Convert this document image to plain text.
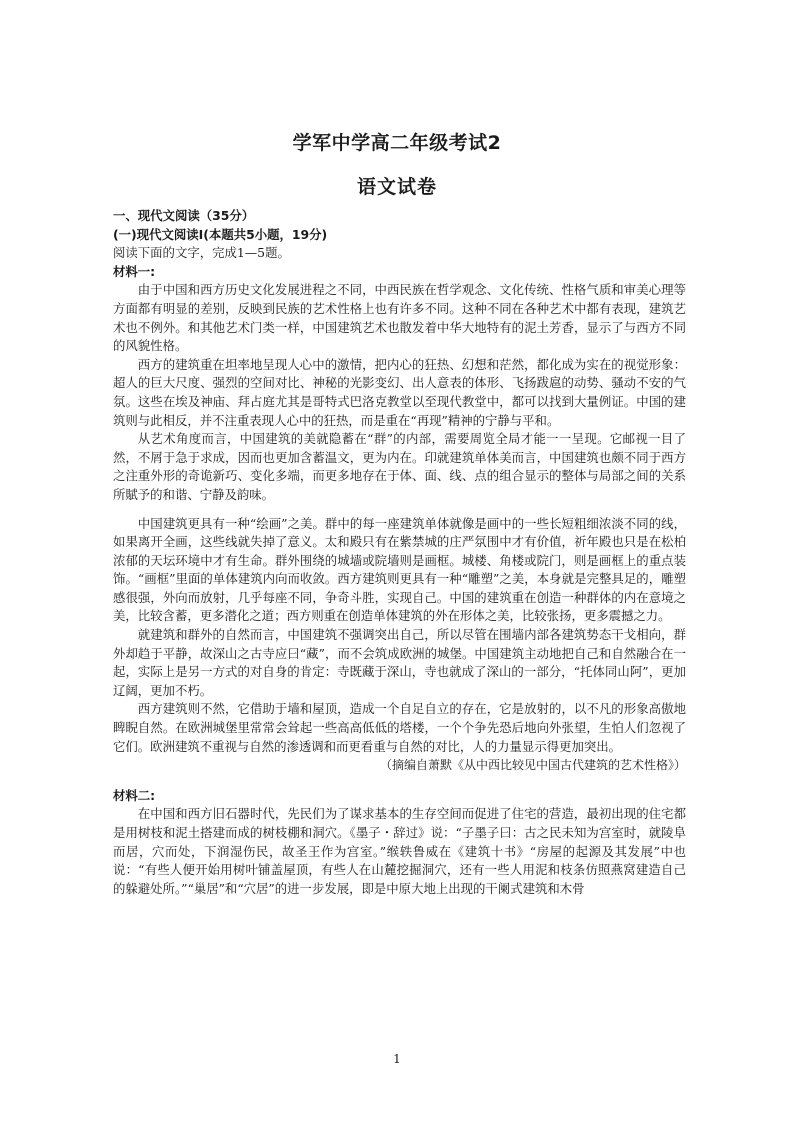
学军中学高二年级考试2
语文试卷

一、现代文阅读（35分）

(一)现代文阅读Ⅰ(本题共5小题，19分)

阅读下面的文字，完成1—5题。

材料一:

由于中国和西方历史文化发展进程之不同，中西民族在哲学观念、文化传统、性格气质和审美心理等方面都有明显的差别，反映到民族的艺术性格上也有许多不同。这种不同在各种艺术中都有表现，建筑艺术也不例外。和其他艺术门类一样，中国建筑艺术也散发着中华大地特有的泥土芳香，显示了与西方不同的风貌性格。

西方的建筑重在坦率地呈现人心中的激情，把内心的狂热、幻想和茫然，都化成为实在的视觉形象：超人的巨大尺度、强烈的空间对比、神秘的光影变幻、出人意表的体形、飞扬跋扈的动势、骚动不安的气氛。这些在埃及神庙、拜占庭尤其是哥特式巴洛克教堂以至现代教堂中，都可以找到大量例证。中国的建筑则与此相反，并不注重表现人心中的狂热，而是重在“再现”精神的宁静与平和。

从艺术角度而言，中国建筑的美就隐蓄在“群”的内部，需要周览全局才能一一呈现。它邮视一目了然，不屑于急于求成，因而也更加含蓄温文，更为内在。印就建筑单体美而言，中国建筑也颇不同于西方之注重外形的奇诡新巧、变化多端，而更多地存在于体、面、线、点的组合显示的整体与局部之间的关系所賦予的和谐、宁静及韵味。

中国建筑更具有一种“绘画”之美。群中的每一座建筑单体就像是画中的一些长短粗细浓淡不同的线，如果离开全画，这些线就失掉了意义。太和殿只有在紫禁城的庄严氛围中才有价值，祈年殿也只是在松柏浓郁的天坛环境中才有生命。群外围绕的城墙或院墙则是画框。城楼、角楼或院门，则是画框上的重点装饰。“画框”里面的单体建筑内向而收敛。西方建筑则更具有一种“雕塑”之美，本身就是完整具足的，雕塑感很强，外向而放射，几乎每座不同，争奇斗胜，实现自己。中国的建筑重在创造一种群体的内在意境之美，比较含蓄，更多潜化之道；西方则重在创造单体建筑的外在形体之美，比较张扬，更多震撼之力。

就建筑和群外的自然而言，中国建筑不强调突出自己，所以尽管在围墙内部各建筑势态干戈相向，群外却趋于平静，故深山之古寺应曰“藏”，而不会筑成欧洲的城堡。中国建筑主动地把自己和自然融合在一起，实际上是另一方式的对自身的肯定：寺既藏于深山，寺也就成了深山的一部分，“托体同山阿”，更加辽阔，更加不朽。

西方建筑则不然，它借助于墙和屋顶，造成一个自足自立的存在，它是放射的，以不凡的形象高傲地睥睨自然。在欧洲城堡里常常会耸起一些高高低低的塔楼，一个个争先恐后地向外张望，生怕人们忽视了它们。欧洲建筑不重视与自然的渗透调和而更看重与自然的对比，人的力量显示得更加突出。

（摘编自萧默《从中西比较见中国古代建筑的艺术性格》）

材料二:

在中国和西方旧石器时代，先民们为了谋求基本的生存空间而促进了住宅的营造，最初出现的住宅都是用树枝和泥土搭建而成的树枝棚和洞穴。《墨子・辞过》说：“子墨子曰：古之民未知为宫室时，就陵阜而居，穴而处，下润湿伤民，故圣王作为宫室。”缑轶鲁威在《建筑十书》“房屋的起源及其发展”中也说：“有些人便开始用树叶铺盖屋顶，有些人在山麓挖掘洞穴，还有一些人用泥和枝条仿照燕窝建造自己的躲避处所。”“巢居”和“穴居”的进一步发展，即是中原大地上出现的干阑式建筑和木骨

1
